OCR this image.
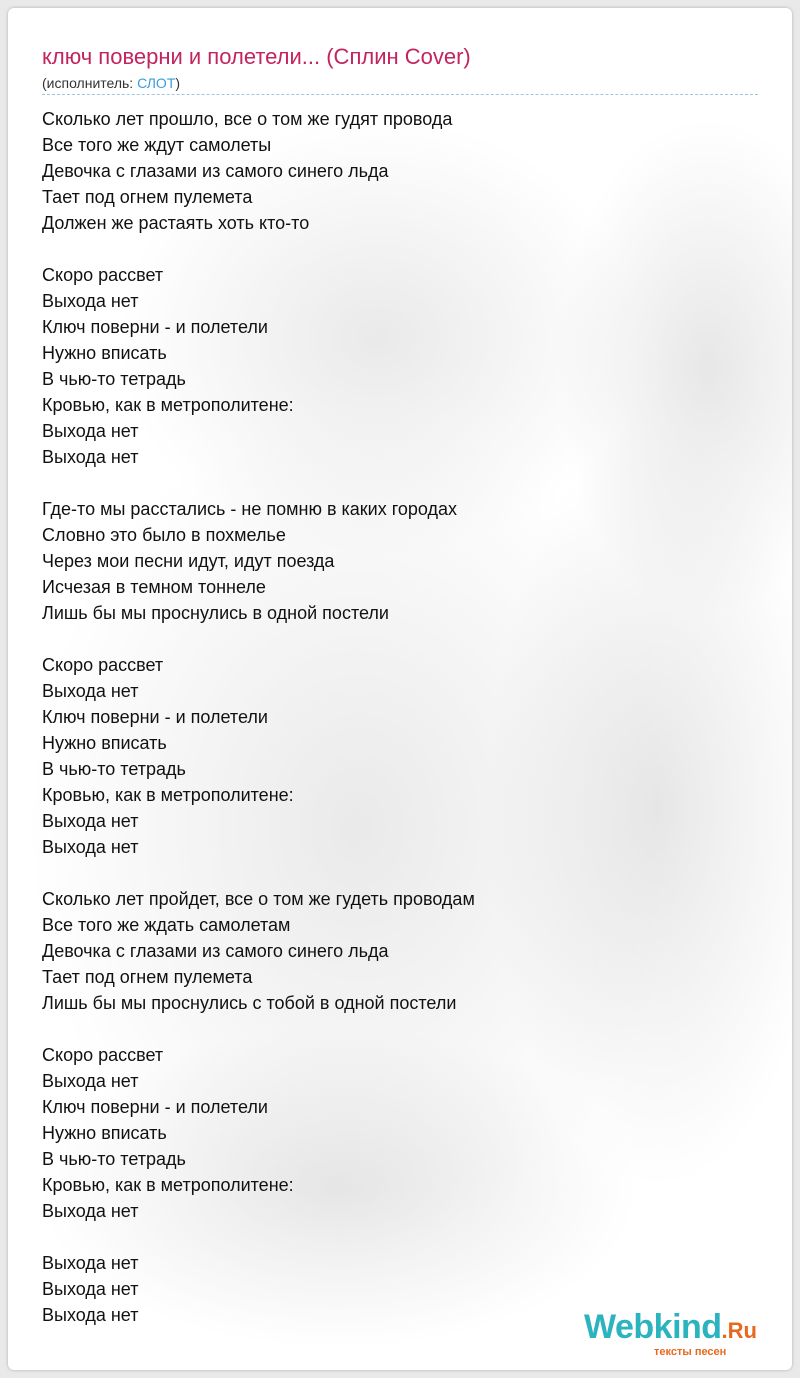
ключ поверни и полетели... (Сплин Cover)
(исполнитель: СЛОТ)
Сколько лет прошло, все о том же гудят провода
Все того же ждут самолеты
Девочка с глазами из самого синего льда
Тает под огнем пулемета
Должен же растаять хоть кто-то
Скоро рассвет
Выхода нет
Ключ поверни - и полетели
Нужно вписать
В чью-то тетрадь
Кровью, как в метрополитене:
Выхода нет
Выхода нет
Где-то мы расстались - не помню в каких городах
Словно это было в похмелье
Через мои песни идут, идут поезда
Исчезая в темном тоннеле
Лишь бы мы проснулись в одной постели
Скоро рассвет
Выхода нет
Ключ поверни - и полетели
Нужно вписать
В чью-то тетрадь
Кровью, как в метрополитене:
Выхода нет
Выхода нет
Сколько лет пройдет, все о том же гудеть проводам
Все того же ждать самолетам
Девочка с глазами из самого синего льда
Тает под огнем пулемета
Лишь бы мы проснулись с тобой в одной постели
Скоро рассвет
Выхода нет
Ключ поверни - и полетели
Нужно вписать
В чью-то тетрадь
Кровью, как в метрополитене:
Выхода нет
Выхода нет
Выхода нет
Выхода нет	Webkind.Ru
тексты песен
